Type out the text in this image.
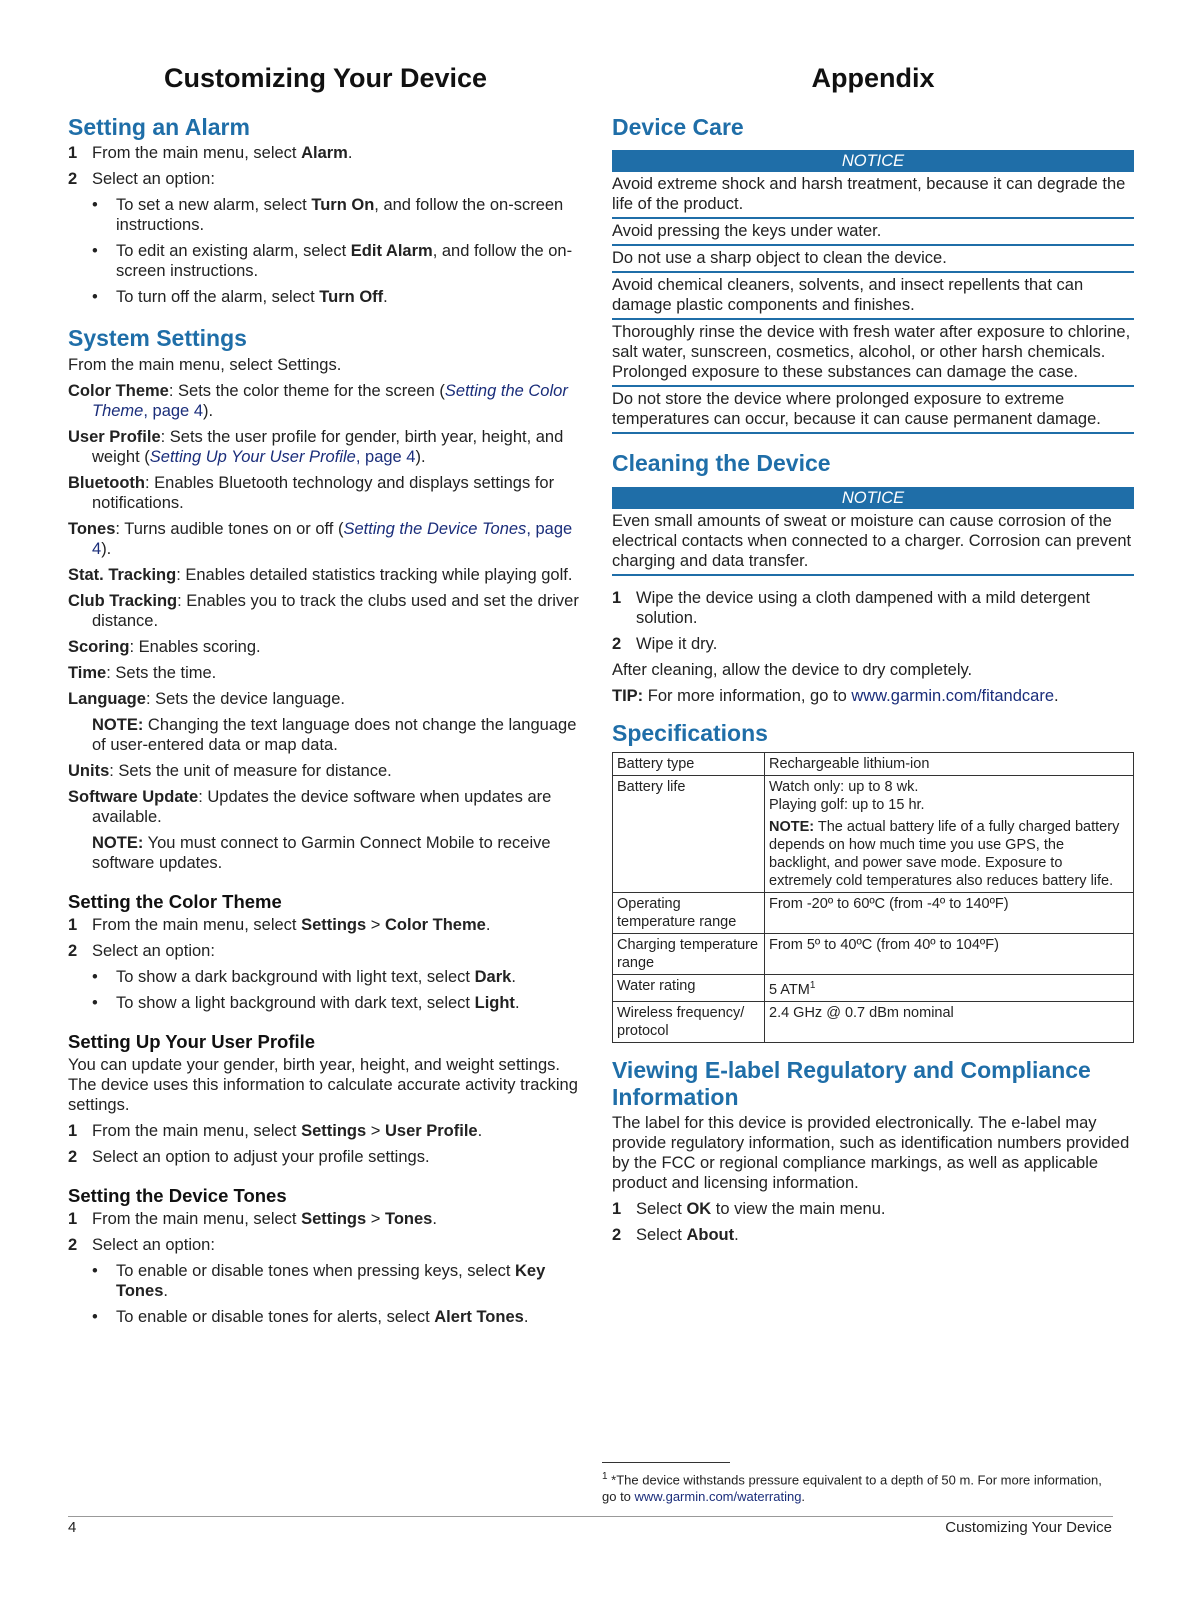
Customizing Your Device
Setting an Alarm
1 From the main menu, select Alarm.
2 Select an option:
•	To set a new alarm, select Turn On, and follow the on-screen instructions.
•	To edit an existing alarm, select Edit Alarm, and follow the on-screen instructions.
•	To turn off the alarm, select Turn Off.
System Settings

From the main menu, select Settings.

Color Theme: Sets the color theme for the screen (Setting the Color Theme, page 4).
User Profile: Sets the user profile for gender, birth year, height, and weight (Setting Up Your User Profile, page 4).
Bluetooth: Enables Bluetooth technology and displays settings for notifications.
Tones: Turns audible tones on or off (Setting the Device Tones, page 4).
Stat. Tracking: Enables detailed statistics tracking while playing golf.
Club Tracking: Enables you to track the clubs used and set the driver distance.
Scoring: Enables scoring.
Time: Sets the time.
Language: Sets the device language.
NOTE: Changing the text language does not change the language of user-entered data or map data.
Units: Sets the unit of measure for distance.
Software Update: Updates the device software when updates are available.
NOTE: You must connect to Garmin Connect Mobile to receive software updates.
Setting the Color Theme
1 From the main menu, select Settings > Color Theme.
2 Select an option:
•	To show a dark background with light text, select Dark.
•	To show a light background with dark text, select Light.
Setting Up Your User Profile

You can update your gender, birth year, height, and weight settings. The device uses this information to calculate accurate activity tracking settings.

1 From the main menu, select Settings > User Profile.
2 Select an option to adjust your profile settings.
Setting the Device Tones
1 From the main menu, select Settings > Tones.
2 Select an option:
•	To enable or disable tones when pressing keys, select Key Tones.
•	To enable or disable tones for alerts, select Alert Tones.
Appendix
Device Care
NOTICE
Avoid extreme shock and harsh treatment, because it can degrade the life of the product.
Avoid pressing the keys under water.
Do not use a sharp object to clean the device.
Avoid chemical cleaners, solvents, and insect repellents that can damage plastic components and finishes.
Thoroughly rinse the device with fresh water after exposure to chlorine, salt water, sunscreen, cosmetics, alcohol, or other harsh chemicals. Prolonged exposure to these substances can damage the case.
Do not store the device where prolonged exposure to extreme temperatures can occur, because it can cause permanent damage.
Cleaning the Device
NOTICE
Even small amounts of sweat or moisture can cause corrosion of the electrical contacts when connected to a charger. Corrosion can prevent charging and data transfer.
1 Wipe the device using a cloth dampened with a mild detergent solution.
2 Wipe it dry.

After cleaning, allow the device to dry completely.

TIP: For more information, go to www.garmin.com/fitandcare.

Specifications
Battery type	Rechargeable lithium-ion
Battery life	Watch only: up to 8 wk.
Playing golf: up to 15 hr.
NOTE: The actual battery life of a fully charged battery depends on how much time you use GPS, the backlight, and power save mode. Exposure to extremely cold temperatures also reduces battery life.

Operating temperature range	From -20º to 60ºC (from -4º to 140ºF)
Charging temperature range	From 5º to 40ºC (from 40º to 104ºF)
Water rating	5 ATM$^1$
Wireless frequency/ protocol	2.4 GHz @ 0.7 dBm nominal
Viewing E-label Regulatory and Compliance Information

The label for this device is provided electronically. The e-label may provide regulatory information, such as identification numbers provided by the FCC or regional compliance markings, as well as applicable product and licensing information.

1 Select OK to view the main menu.
2 Select About.
$^1$ *The device withstands pressure equivalent to a depth of 50 m. For more information, go to www.garmin.com/waterrating.
4	Customizing Your Device
